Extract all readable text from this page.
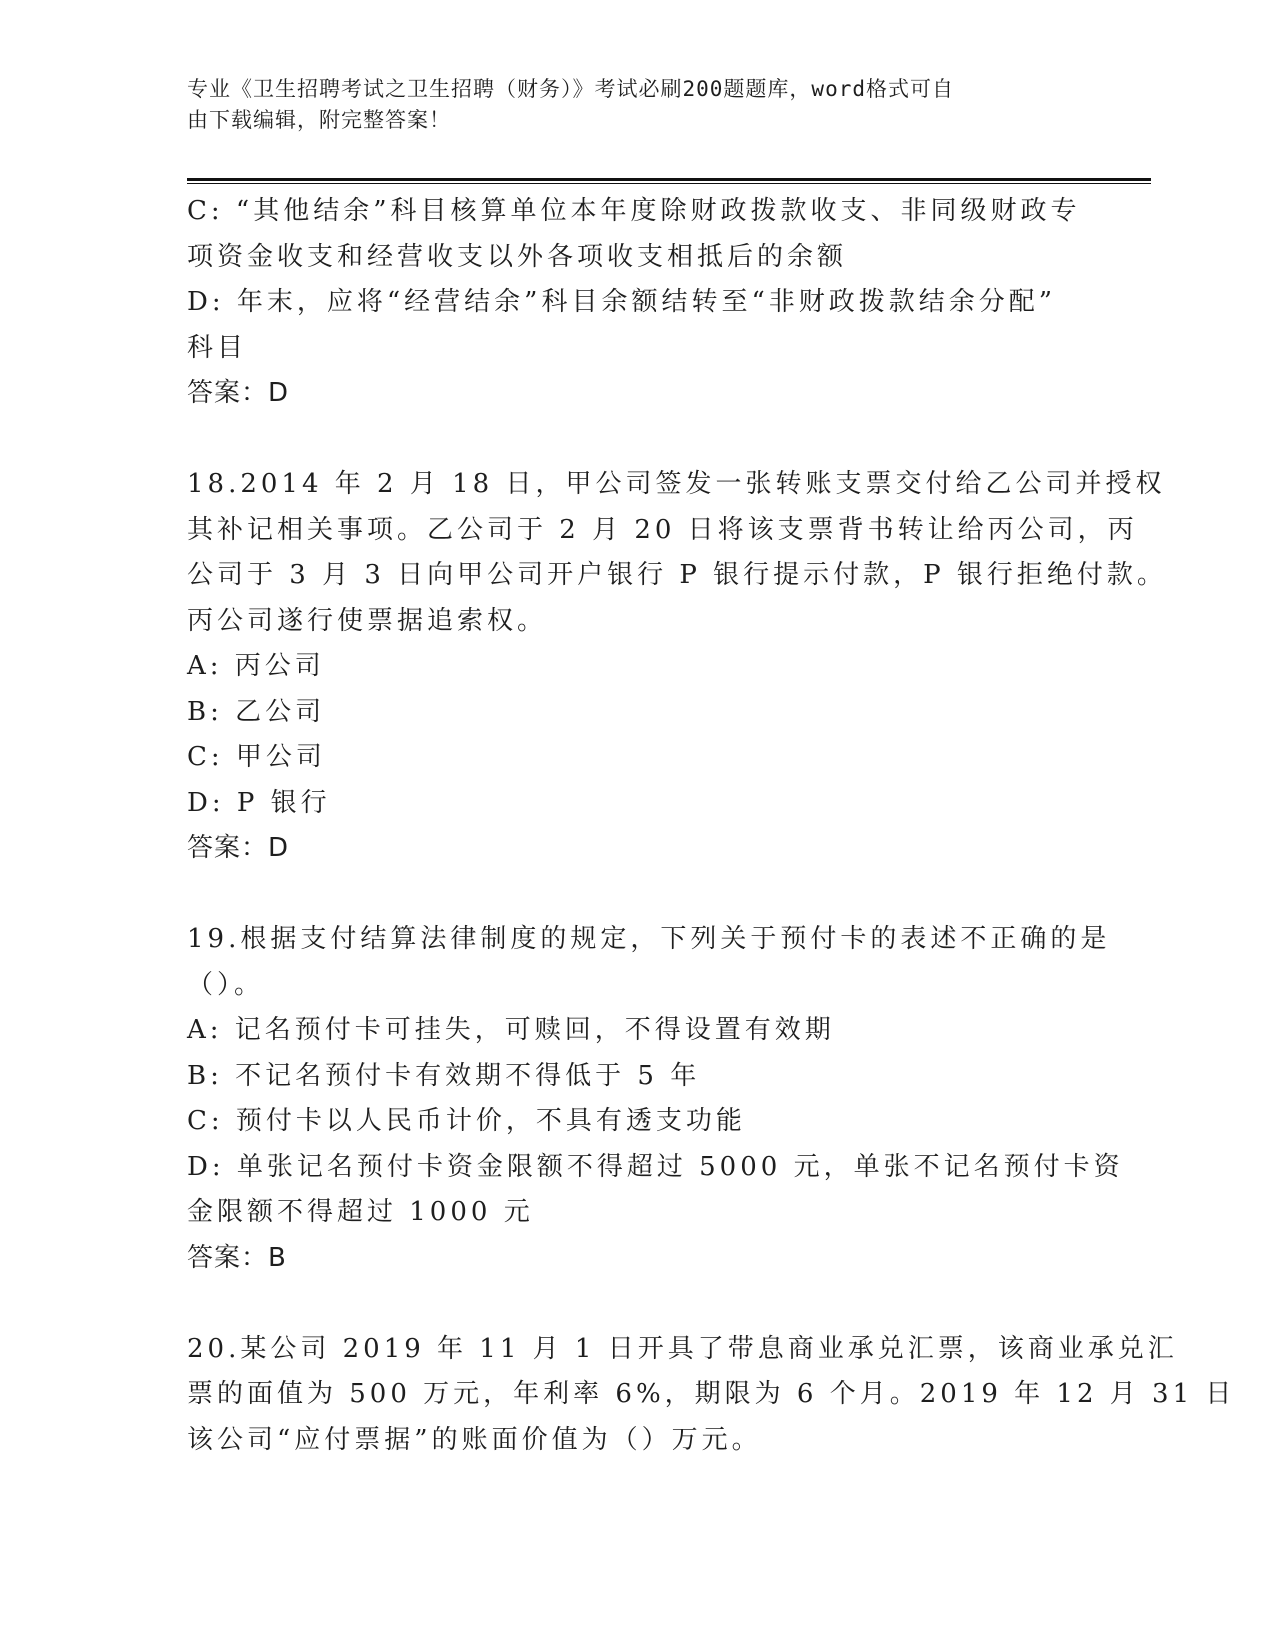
专业《卫生招聘考试之卫生招聘（财务）》考试必刷200题题库，word格式可自
由下载编辑，附完整答案！
C: “其他结余”科目核算单位本年度除财政拨款收支、非同级财政专
项资金收支和经营收支以外各项收支相抵后的余额
D: 年末，应将“经营结余”科目余额结转至“非财政拨款结余分配”
科目
答案：D
18.2014 年 2 月 18 日，甲公司签发一张转账支票交付给乙公司并授权
其补记相关事项。乙公司于 2 月 20 日将该支票背书转让给丙公司，丙
公司于 3 月 3 日向甲公司开户银行 P 银行提示付款，P 银行拒绝付款。
丙公司遂行使票据追索权。
A: 丙公司
B: 乙公司
C: 甲公司
D: P 银行
答案：D
19.根据支付结算法律制度的规定，下列关于预付卡的表述不正确的是
（）。
A: 记名预付卡可挂失，可赎回，不得设置有效期
B: 不记名预付卡有效期不得低于 5 年
C: 预付卡以人民币计价，不具有透支功能
D: 单张记名预付卡资金限额不得超过 5000 元，单张不记名预付卡资
金限额不得超过 1000 元
答案：B
20.某公司 2019 年 11 月 1 日开具了带息商业承兑汇票，该商业承兑汇
票的面值为 500 万元，年利率 6%，期限为 6 个月。2019 年 12 月 31 日
该公司“应付票据”的账面价值为（）万元。
